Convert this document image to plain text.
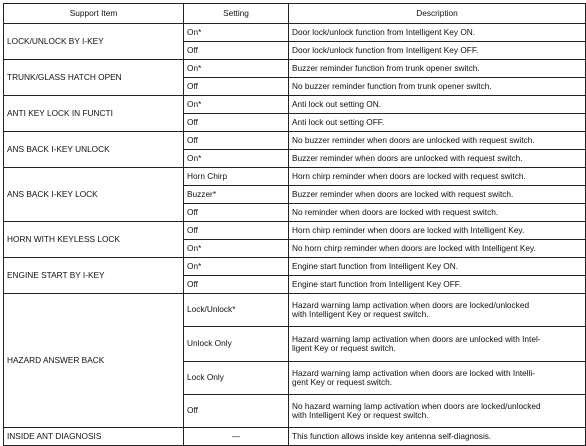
Support Item	Setting	Description
LOCK/UNLOCK BY I-KEY	On*	Door lock/unlock function from Intelligent Key ON.
	Off	Door lock/unlock function from Intelligent Key OFF.
TRUNK/GLASS HATCH OPEN	On*	Buzzer reminder function from trunk opener switch.
	Off	No buzzer reminder function from trunk opener switch.
ANTI KEY LOCK IN FUNCTI	On*	Anti lock out setting ON.
	Off	Anti lock out setting OFF.
ANS BACK I-KEY UNLOCK	Off	No buzzer reminder when doors are unlocked with request switch.
	On*	Buzzer reminder when doors are unlocked with request switch.
ANS BACK I-KEY LOCK	Horn Chirp	Horn chirp reminder when doors are locked with request switch.
	Buzzer*	Buzzer reminder when doors are locked with request switch.
	Off	No reminder when doors are locked with request switch.
HORN WITH KEYLESS LOCK	Off	Horn chirp reminder when doors are locked with Intelligent Key.
	On*	No horn chirp reminder when doors are locked with Intelligent Key.
ENGINE START BY I-KEY	On*	Engine start function from Intelligent Key ON.
	Off	Engine start function from Intelligent Key OFF.
HAZARD ANSWER BACK	Lock/Unlock*	Hazard warning lamp activation when doors are locked/unlocked
with Intelligent Key or request switch.
	Unlock Only	Hazard warning lamp activation when doors are unlocked with Intel-
ligent Key or request switch.
	Lock Only	Hazard warning lamp activation when doors are locked with Intelli-
gent Key or request switch.
	Off	No hazard warning lamp activation when doors are locked/unlocked
with Intelligent Key or request switch.
INSIDE ANT DIAGNOSIS	—	This function allows inside key antenna self-diagnosis.
